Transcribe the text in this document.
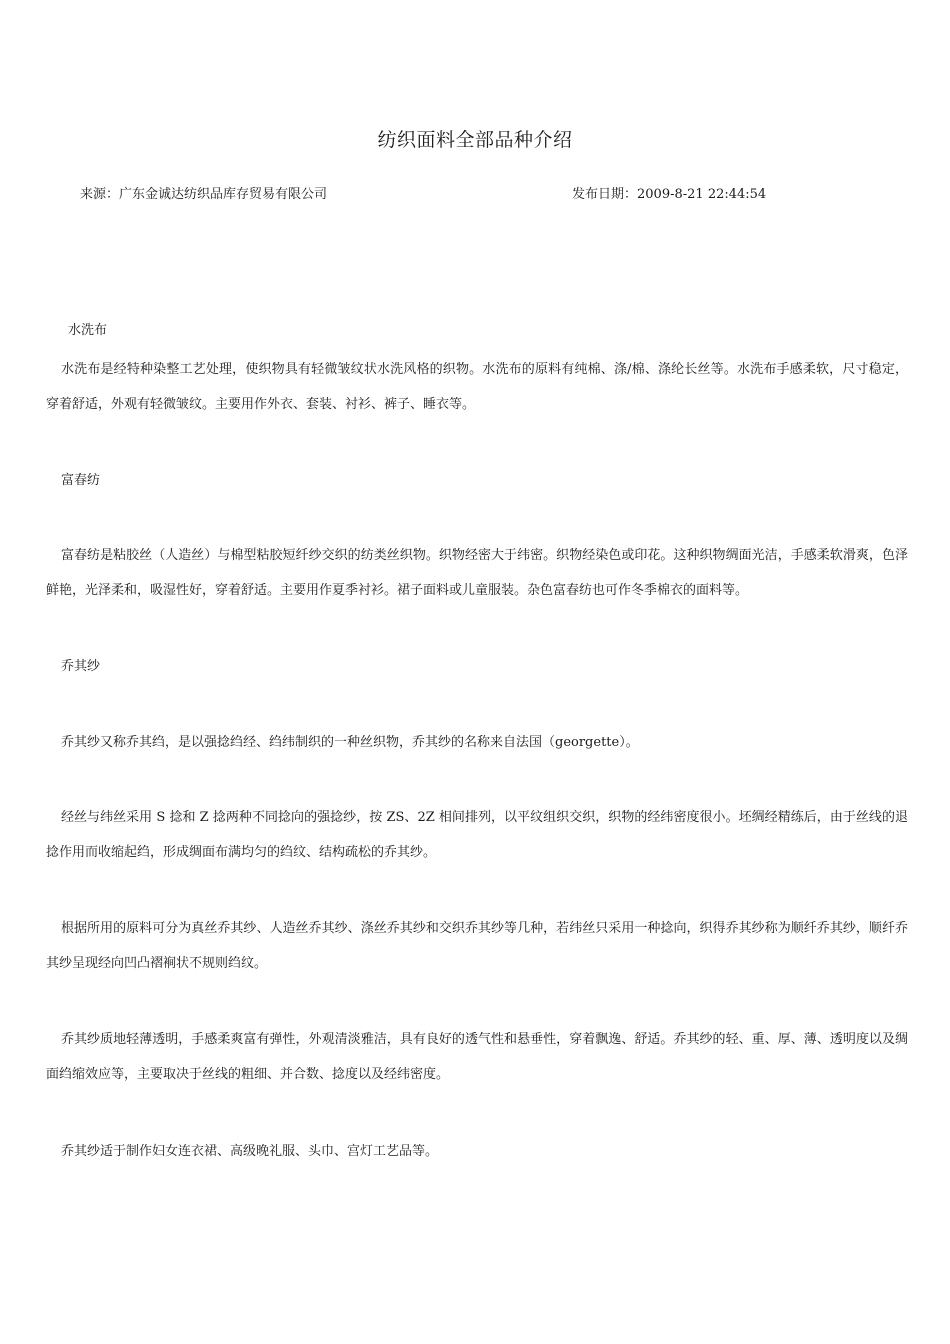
纺织面料全部品种介绍
来源：广东金诚达纺织品库存贸易有限公司	发布日期：2009-8-21 22:44:54
水洗布
水洗布是经特种染整工艺处理，使织物具有轻微皱纹状水洗风格的织物。水洗布的原料有纯棉、涤/棉、涤纶长丝等。水洗布手感柔软，尺寸稳定，穿着舒适，外观有轻微皱纹。主要用作外衣、套装、衬衫、裤子、睡衣等。
富春纺
富春纺是粘胶丝（人造丝）与棉型粘胶短纤纱交织的纺类丝织物。织物经密大于纬密。织物经染色或印花。这种织物绸面光洁，手感柔软滑爽，色泽鲜艳，光泽柔和，吸湿性好，穿着舒适。主要用作夏季衬衫。裙子面料或儿童服装。杂色富春纺也可作冬季棉衣的面料等。
乔其纱
乔其纱又称乔其绉，是以强捻绉经、绉纬制织的一种丝织物，乔其纱的名称来自法国（georgette）。
经丝与纬丝采用 S 捻和 Z 捻两种不同捻向的强捻纱，按 ZS、2Z 相间排列，以平纹组织交织，织物的经纬密度很小。坯绸经精练后，由于丝线的退捻作用而收缩起绉，形成绸面布满均匀的绉纹、结构疏松的乔其纱。
根据所用的原料可分为真丝乔其纱、人造丝乔其纱、涤丝乔其纱和交织乔其纱等几种，若纬丝只采用一种捻向，织得乔其纱称为顺纤乔其纱，顺纤乔其纱呈现经向凹凸褶裥状不规则绉纹。
乔其纱质地轻薄透明，手感柔爽富有弹性，外观清淡雅洁，具有良好的透气性和悬垂性，穿着飘逸、舒适。乔其纱的轻、重、厚、薄、透明度以及绸面绉缩效应等，主要取决于丝线的粗细、并合数、捻度以及经纬密度。
乔其纱适于制作妇女连衣裙、高级晚礼服、头巾、宫灯工艺品等。
